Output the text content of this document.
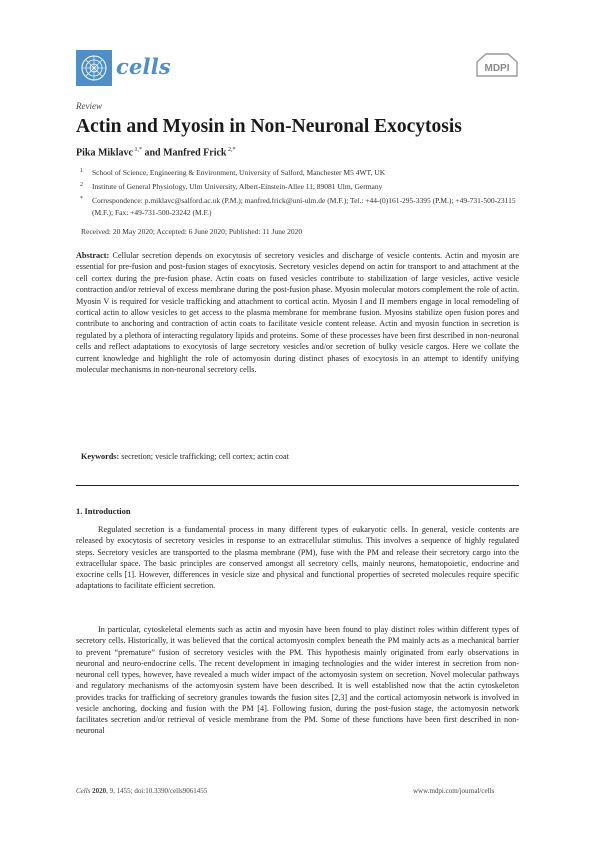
cells	MDPI
Review
Actin and Myosin in Non-Neuronal Exocytosis
Pika Miklavc $^{1,*}$ and Manfred Frick $^{2,*}$
1	School of Science, Engineering & Environment, University of Salford, Manchester M5 4WT, UK
2	Institute of General Physiology, Ulm University, Albert-Einstein-Allee 11, 89081 Ulm, Germany
*	Correspondence: p.miklavc@salford.ac.uk (P.M.); manfred.frick@uni-ulm.de (M.F.); Tel.: +44-(0)161-295-3395 (P.M.); +49-731-500-23115 (M.F.); Fax: +49-731-500-23242 (M.F.)
Received: 20 May 2020; Accepted: 6 June 2020; Published: 11 June 2020
Abstract: Cellular secretion depends on exocytosis of secretory vesicles and discharge of vesicle contents. Actin and myosin are essential for pre-fusion and post-fusion stages of exocytosis. Secretory vesicles depend on actin for transport to and attachment at the cell cortex during the pre-fusion phase. Actin coats on fused vesicles contribute to stabilization of large vesicles, active vesicle contraction and/or retrieval of excess membrane during the post-fusion phase. Myosin molecular motors complement the role of actin. Myosin V is required for vesicle trafficking and attachment to cortical actin. Myosin I and II members engage in local remodeling of cortical actin to allow vesicles to get access to the plasma membrane for membrane fusion. Myosins stabilize open fusion pores and contribute to anchoring and contraction of actin coats to facilitate vesicle content release. Actin and myosin function in secretion is regulated by a plethora of interacting regulatory lipids and proteins. Some of these processes have been first described in non-neuronal cells and reflect adaptations to exocytosis of large secretory vesicles and/or secretion of bulky vesicle cargos. Here we collate the current knowledge and highlight the role of actomyosin during distinct phases of exocytosis in an attempt to identify unifying molecular mechanisms in non-neuronal secretory cells.
Keywords: secretion; vesicle trafficking; cell cortex; actin coat
1. Introduction
Regulated secretion is a fundamental process in many different types of eukaryotic cells. In general, vesicle contents are released by exocytosis of secretory vesicles in response to an extracellular stimulus. This involves a sequence of highly regulated steps. Secretory vesicles are transported to the plasma membrane (PM), fuse with the PM and release their secretory cargo into the extracellular space. The basic principles are conserved amongst all secretory cells, mainly neurons, hematopoietic, endocrine and exocrine cells [1]. However, differences in vesicle size and physical and functional properties of secreted molecules require specific adaptations to facilitate efficient secretion.
In particular, cytoskeletal elements such as actin and myosin have been found to play distinct roles within different types of secretory cells. Historically, it was believed that the cortical actomyosin complex beneath the PM mainly acts as a mechanical barrier to prevent “premature” fusion of secretory vesicles with the PM. This hypothesis mainly originated from early observations in neuronal and neuro-endocrine cells. The recent development in imaging technologies and the wider interest in secretion from non-neuronal cell types, however, have revealed a much wider impact of the actomyosin system on secretion. Novel molecular pathways and regulatory mechanisms of the actomyosin system have been described. It is well established now that the actin cytoskeleton provides tracks for trafficking of secretory granules towards the fusion sites [2,3] and the cortical actomyosin network is involved in vesicle anchoring, docking and fusion with the PM [4]. Following fusion, during the post-fusion stage, the actomyosin network facilitates secretion and/or retrieval of vesicle membrane from the PM. Some of these functions have been first described in non-neuronal
Cells 2020, 9, 1455; doi:10.3390/cells9061455	www.mdpi.com/journal/cells
